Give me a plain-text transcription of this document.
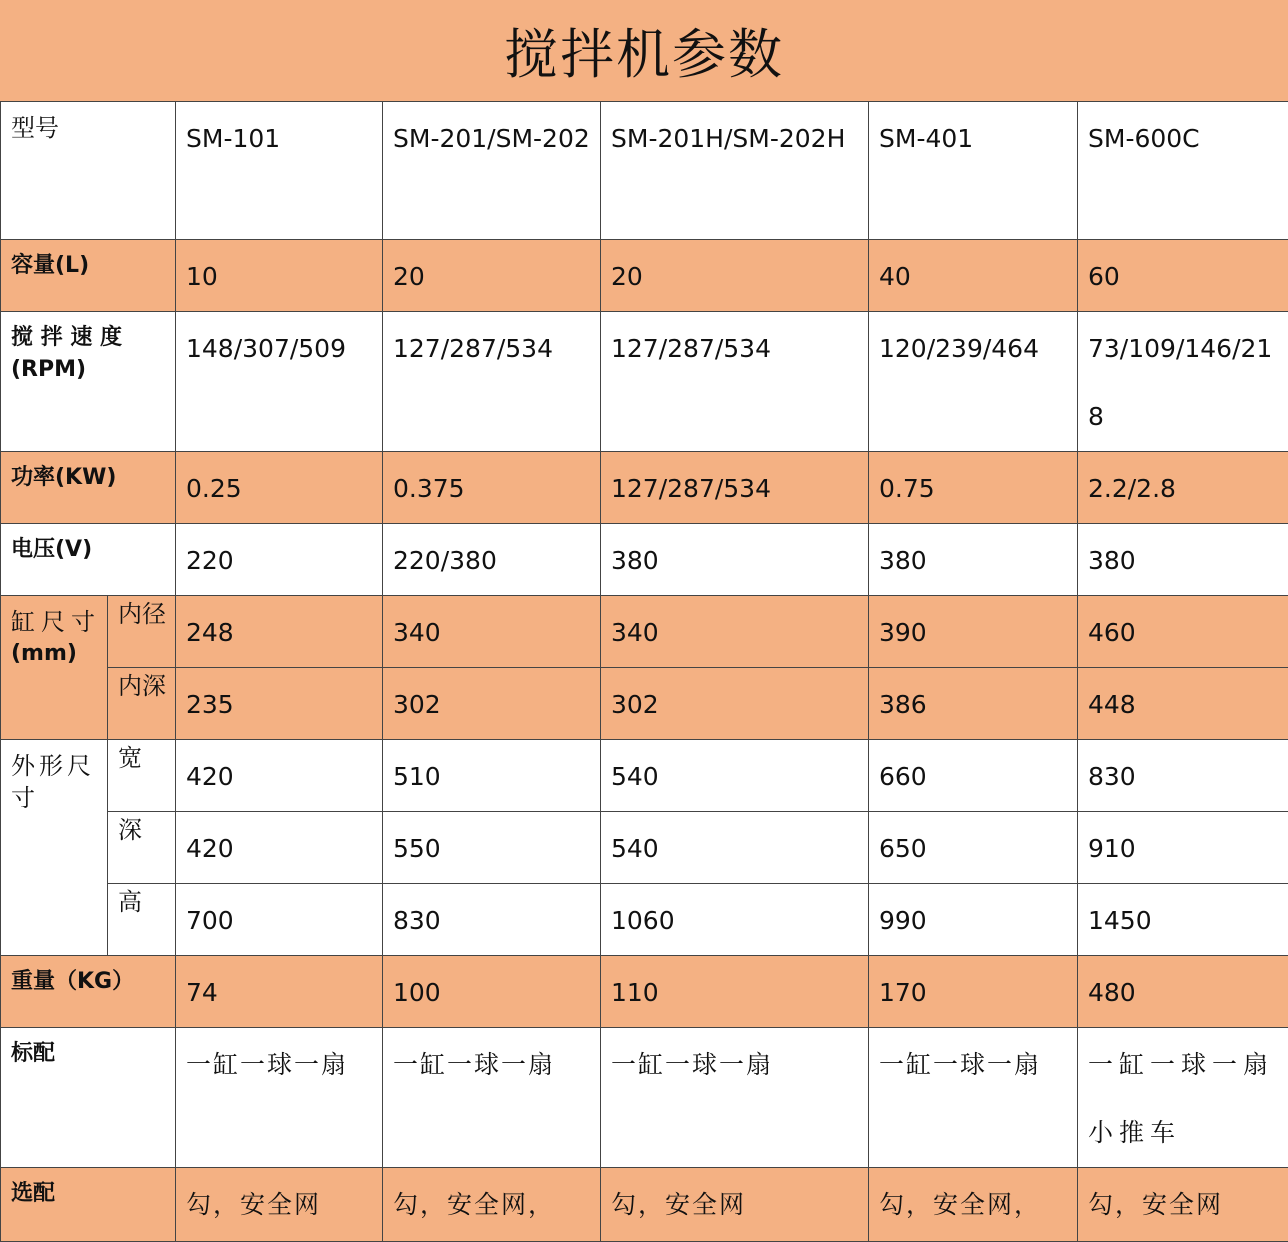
搅拌机参数
型号		SM-101	SM-201/SM-202	SM-201H/SM-202H	SM-401	SM-600C
容量(L)		10	20	20	40	60

搅 拌 速 度
(RPM)		148/307/509	127/287/534	127/287/534	120/239/464	73/109/146/218
功率(KW)		0.25	0.375	127/287/534	0.75	2.2/2.8
电压(V)		220	220/380	380	380	380

缸尺寸
(mm)	内径	248	340	340	390	460
	内深	235	302	302	386	448

外形尺寸	宽	420	510	540	660	830
	深	420	550	540	650	910
	高	700	830	1060	990	1450
重量（KG）		74	100	110	170	480
标配		一缸一球一扇	一缸一球一扇	一缸一球一扇	一缸一球一扇	一缸一球一扇小推车
选配		勾，安全网	勾，安全网，	勾，安全网	勾，安全网，	勾，安全网
